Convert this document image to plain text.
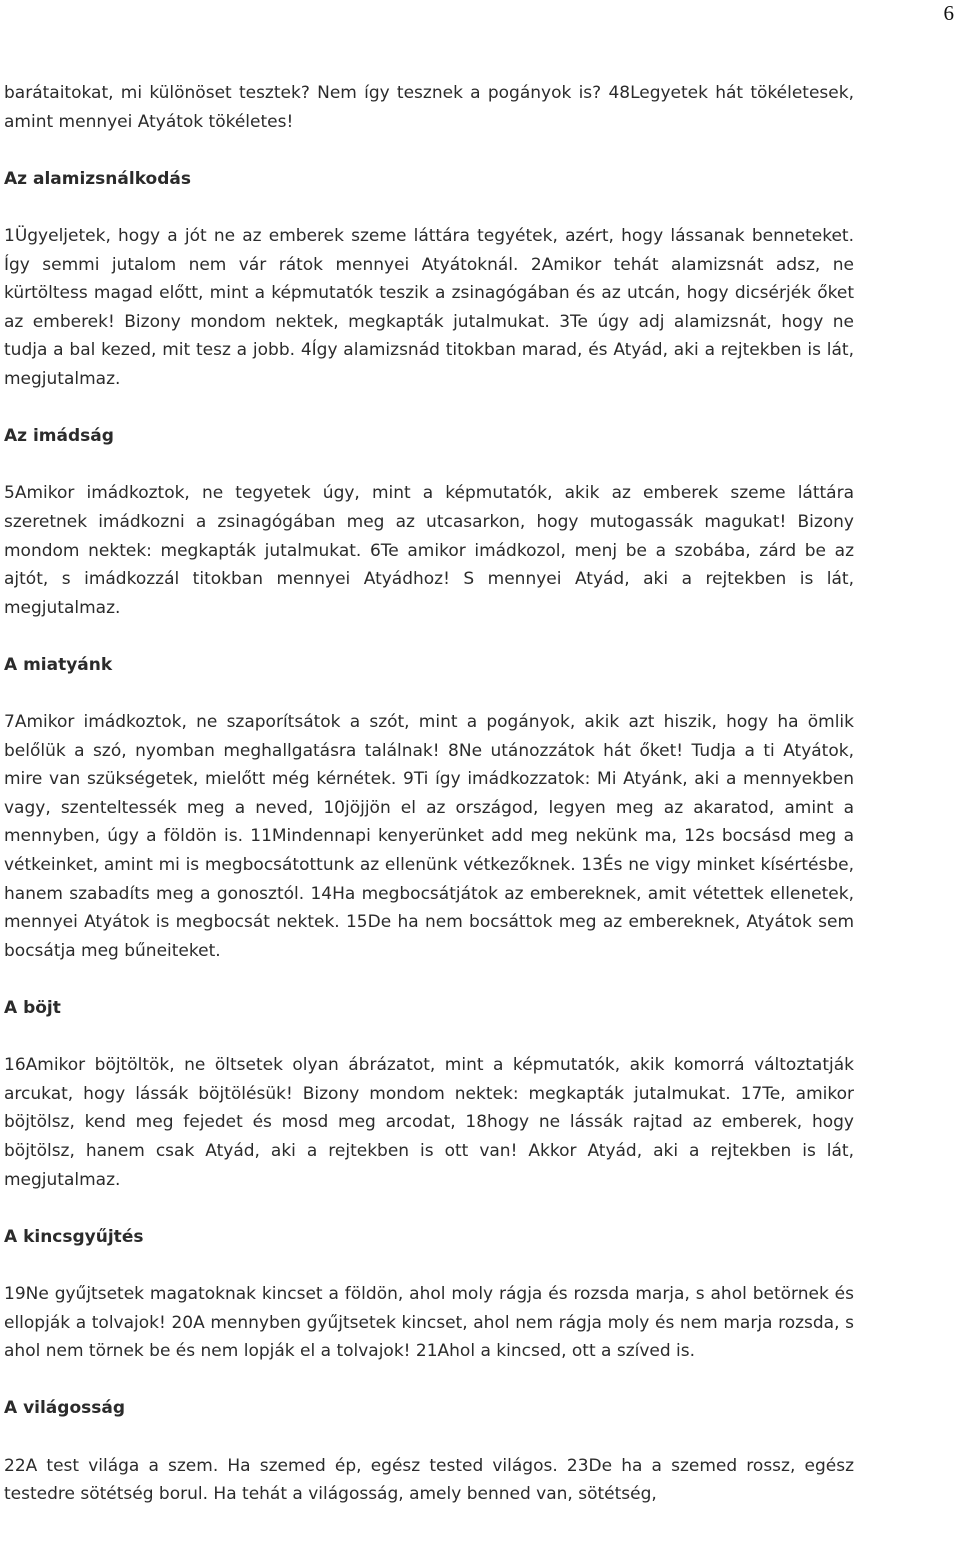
6

barátaitokat, mi különöset tesztek? Nem így tesznek a pogányok is? 48Legyetek hát tökéletesek, amint mennyei Atyátok tökéletes!

Az alamizsnálkodás

1Ügyeljetek, hogy a jót ne az emberek szeme láttára tegyétek, azért, hogy lássanak benneteket. Így semmi jutalom nem vár rátok mennyei Atyátoknál. 2Amikor tehát alamizsnát adsz, ne kürtöltess magad előtt, mint a képmutatók teszik a zsinagógában és az utcán, hogy dicsérjék őket az emberek! Bizony mondom nektek, megkapták jutalmukat. 3Te úgy adj alamizsnát, hogy ne tudja a bal kezed, mit tesz a jobb. 4Így alamizsnád titokban marad, és Atyád, aki a rejtekben is lát, megjutalmaz.

Az imádság

5Amikor imádkoztok, ne tegyetek úgy, mint a képmutatók, akik az emberek szeme láttára szeretnek imádkozni a zsinagógában meg az utcasarkon, hogy mutogassák magukat! Bizony mondom nektek: megkapták jutalmukat. 6Te amikor imádkozol, menj be a szobába, zárd be az ajtót, s imádkozzál titokban mennyei Atyádhoz! S mennyei Atyád, aki a rejtekben is lát, megjutalmaz.

A miatyánk

7Amikor imádkoztok, ne szaporítsátok a szót, mint a pogányok, akik azt hiszik, hogy ha ömlik belőlük a szó, nyomban meghallgatásra találnak! 8Ne utánozzátok hát őket! Tudja a ti Atyátok, mire van szükségetek, mielőtt még kérnétek. 9Ti így imádkozzatok: Mi Atyánk, aki a mennyekben vagy, szenteltessék meg a neved, 10jöjjön el az országod, legyen meg az akaratod, amint a mennyben, úgy a földön is. 11Mindennapi kenyerünket add meg nekünk ma, 12s bocsásd meg a vétkeinket, amint mi is megbocsátottunk az ellenünk vétkezőknek. 13És ne vigy minket kísértésbe, hanem szabadíts meg a gonosztól. 14Ha megbocsátjátok az embereknek, amit vétettek ellenetek, mennyei Atyátok is megbocsát nektek. 15De ha nem bocsáttok meg az embereknek, Atyátok sem bocsátja meg bűneiteket.

A böjt

16Amikor böjtöltök, ne öltsetek olyan ábrázatot, mint a képmutatók, akik komorrá változtatják arcukat, hogy lássák böjtölésük! Bizony mondom nektek: megkapták jutalmukat. 17Te, amikor böjtölsz, kend meg fejedet és mosd meg arcodat, 18hogy ne lássák rajtad az emberek, hogy böjtölsz, hanem csak Atyád, aki a rejtekben is ott van! Akkor Atyád, aki a rejtekben is lát, megjutalmaz.

A kincsgyűjtés

19Ne gyűjtsetek magatoknak kincset a földön, ahol moly rágja és rozsda marja, s ahol betörnek és ellopják a tolvajok! 20A mennyben gyűjtsetek kincset, ahol nem rágja moly és nem marja rozsda, s ahol nem törnek be és nem lopják el a tolvajok! 21Ahol a kincsed, ott a szíved is.

A világosság

22A test világa a szem. Ha szemed ép, egész tested világos. 23De ha a szemed rossz, egész testedre sötétség borul. Ha tehát a világosság, amely benned van, sötétség,
